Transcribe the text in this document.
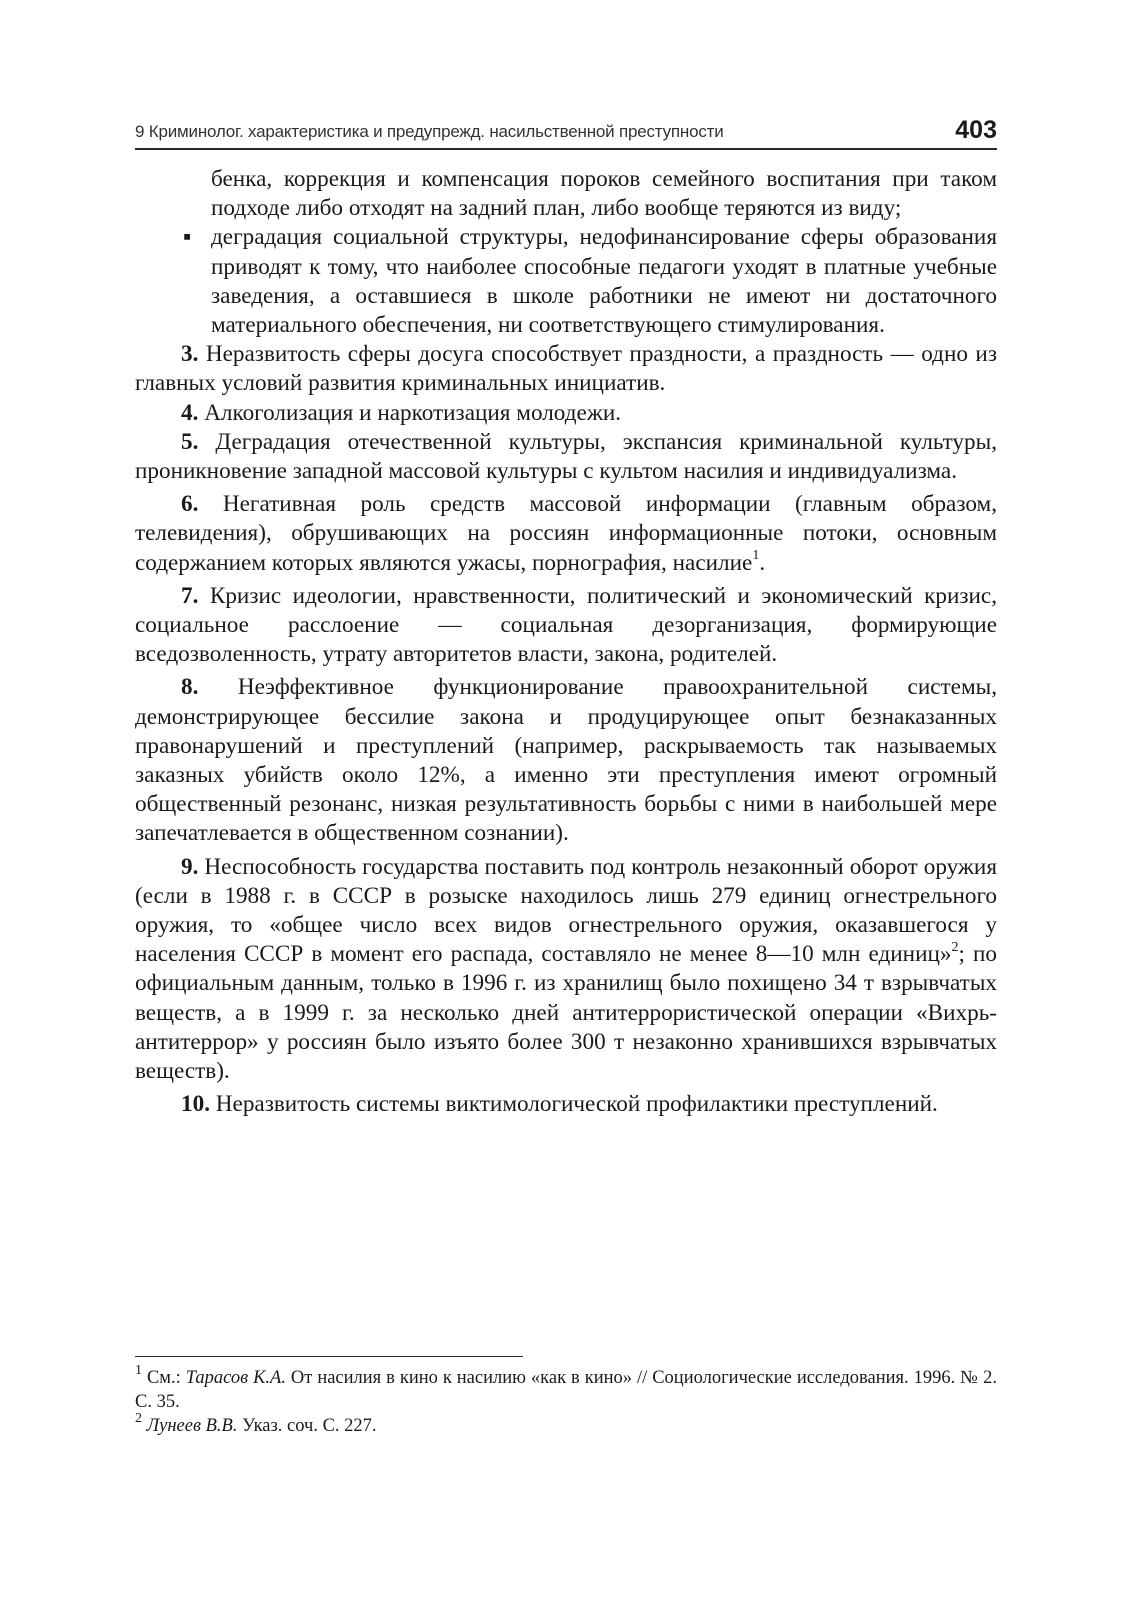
9 Криминолог. характеристика и предупрежд. насильственной преступности	403

бенка, коррекция и компенсация пороков семейного воспитания при таком подходе либо отходят на задний план, либо вообще теряются из виду;

▪ деградация социальной структуры, недофинансирование сферы образования приводят к тому, что наиболее способные педагоги уходят в платные учебные заведения, а оставшиеся в школе работники не имеют ни достаточного материального обеспечения, ни соответствующего стимулирования.

3. Неразвитость сферы досуга способствует праздности, а праздность — одно из главных условий развития криминальных инициатив.

4. Алкоголизация и наркотизация молодежи.

5. Деградация отечественной культуры, экспансия криминальной культуры, проникновение западной массовой культуры с культом насилия и индивидуализма.

6. Негативная роль средств массовой информации (главным образом, телевидения), обрушивающих на россиян информационные потоки, основным содержанием которых являются ужасы, порнография, насилие$^1$.

7. Кризис идеологии, нравственности, политический и экономический кризис, социальное расслоение — социальная дезорганизация, формирующие вседозволенность, утрату авторитетов власти, закона, родителей.

8. Неэффективное функционирование правоохранительной системы, демонстрирующее бессилие закона и продуцирующее опыт безнаказанных правонарушений и преступлений (например, раскрываемость так называемых заказных убийств около 12%, а именно эти преступления имеют огромный общественный резонанс, низкая результативность борьбы с ними в наибольшей мере запечатлевается в общественном сознании).

9. Неспособность государства поставить под контроль незаконный оборот оружия (если в 1988 г. в СССР в розыске находилось лишь 279 единиц огнестрельного оружия, то «общее число всех видов огнестрельного оружия, оказавшегося у населения СССР в момент его распада, составляло не менее 8—10 млн единиц»$^2$; по официальным данным, только в 1996 г. из хранилищ было похищено 34 т взрывчатых веществ, а в 1999 г. за несколько дней антитеррористической операции «Вихрь-антитеррор» у россиян было изъято более 300 т незаконно хранившихся взрывчатых веществ).

10. Неразвитость системы виктимологической профилактики преступлений.

$^1$ См.: Тарасов К.А. От насилия в кино к насилию «как в кино» // Социологические исследования. 1996. № 2. С. 35.

$^2$ Лунеев В.В. Указ. соч. С. 227.
